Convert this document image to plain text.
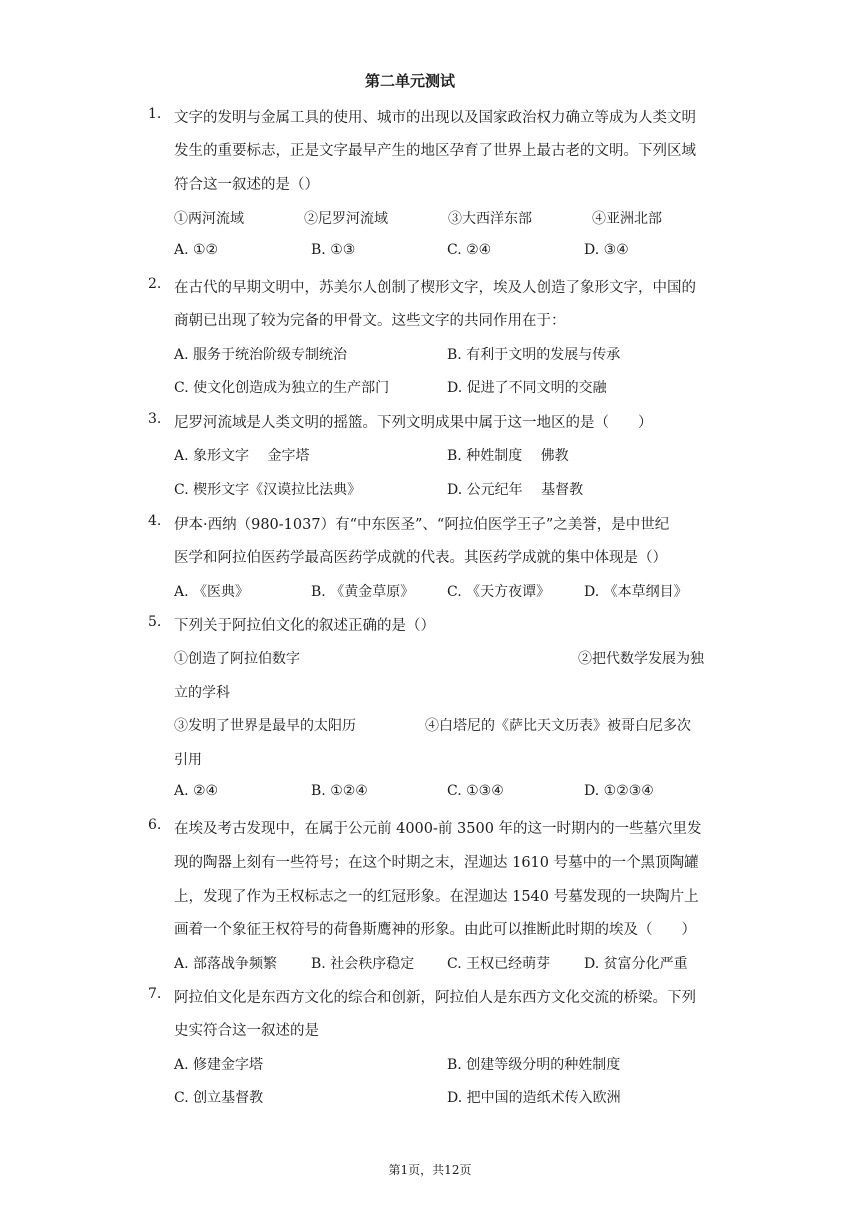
第二单元测试
1. 文字的发明与金属工具的使用、城市的出现以及国家政治权力确立等成为人类文明
发生的重要标志，正是文字最早产生的地区孕育了世界上最古老的文明。下列区域
符合这一叙述的是（）
①两河流域	②尼罗河流域	③大西洋东部	④亚洲北部
A. ①②	B. ①③	C. ②④	D. ③④
2. 在古代的早期文明中，苏美尔人创制了楔形文字，埃及人创造了象形文字，中国的
商朝已出现了较为完备的甲骨文。这些文字的共同作用在于：
A. 服务于统治阶级专制统治	B. 有利于文明的发展与传承
C. 使文化创造成为独立的生产部门	D. 促进了不同文明的交融
3. 尼罗河流域是人类文明的摇篮。下列文明成果中属于这一地区的是（　　）
A. 象形文字　 金字塔	B. 种姓制度　 佛教
C. 楔形文字《汉谟拉比法典》	D. 公元纪年　 基督教
4. 伊本·西纳（980-1037）有“中东医圣”、“阿拉伯医学王子”之美誉，是中世纪
医学和阿拉伯医药学最高医药学成就的代表。其医药学成就的集中体现是（）
A. 《医典》	B. 《黄金草原》 C. 《天方夜谭》 D. 《本草纲目》
5. 下列关于阿拉伯文化的叙述正确的是（）
①创造了阿拉伯数字	②把代数学发展为独
立的学科
③发明了世界是最早的太阳历	④白塔尼的《萨比天文历表》被哥白尼多次
引用
A. ②④	B. ①②④	C. ①③④	D. ①②③④
6. 在埃及考古发现中，在属于公元前 4000-前 3500 年的这一时期内的一些墓穴里发
现的陶器上刻有一些符号；在这个时期之末，涅迦达 1610 号墓中的一个黑顶陶罐
上，发现了作为王权标志之一的红冠形象。在涅迦达 1540 号墓发现的一块陶片上
画着一个象征王权符号的荷鲁斯鹰神的形象。由此可以推断此时期的埃及（　　）
A. 部落战争频繁 B. 社会秩序稳定 C. 王权已经萌芽 D. 贫富分化严重
7. 阿拉伯文化是东西方文化的综合和创新，阿拉伯人是东西方文化交流的桥梁。下列
史实符合这一叙述的是
A. 修建金字塔	B. 创建等级分明的种姓制度
C. 创立基督教	D. 把中国的造纸术传入欧洲
第1页，共12页
